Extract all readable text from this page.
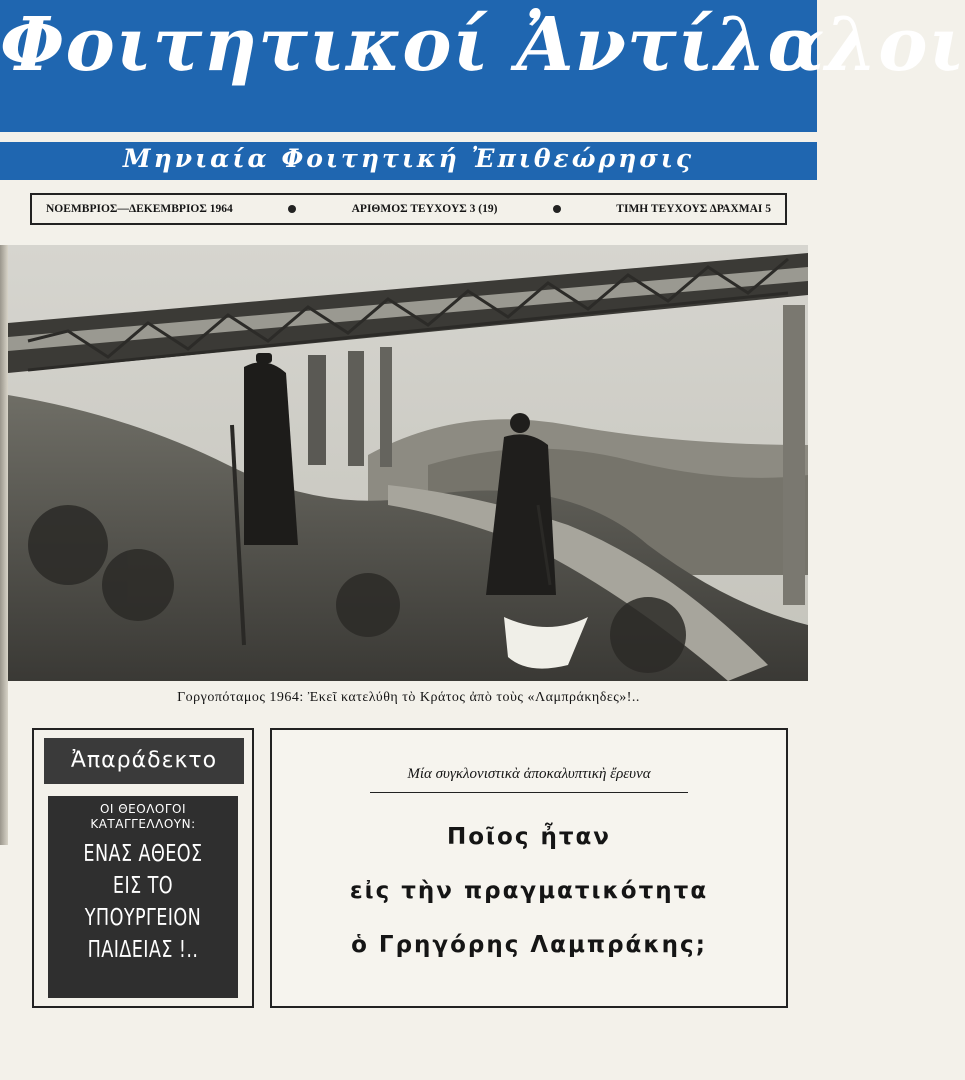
Φοιτητικοί Ἀντίλαλοι
Μηνιαία Φοιτητική Ἐπιθεώρησις
ΝΟΕΜΒΡΙΟΣ—ΔΕΚΕΜΒΡΙΟΣ 1964	ΑΡΙΘΜΟΣ ΤΕΥΧΟΥΣ 3 (19)	ΤΙΜΗ ΤΕΥΧΟΥΣ ΔΡΑΧΜΑΙ 5
Γοργοπόταμος 1964: Ἐκεῖ κατελύθη τὸ Κράτος ἀπὸ τοὺς «Λαμπράκηδες»!..
Ἀπαράδεκτο
ΟΙ ΘΕΟΛΟΓΟΙ
ΚΑΤΑΓΓΕΛΛΟΥΝ:
ΕΝΑΣ ΑΘΕΟΣ
ΕΙΣ ΤΟ ΥΠΟΥΡΓΕΙΟΝ
ΠΑΙΔΕΙΑΣ !..
Μία συγκλονιστικὰ ἀποκαλυπτικὴ ἔρευνα
Ποῖος ἦταν
εἰς τὴν πραγματικότητα
ὁ Γρηγόρης Λαμπράκης;
